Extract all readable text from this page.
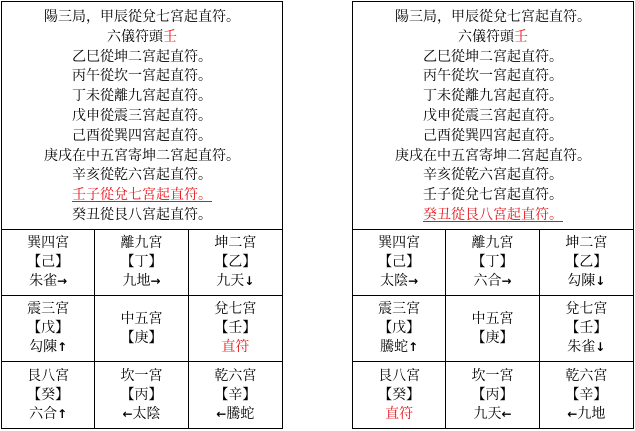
陽三局，甲辰從兌七宮起直符。
六儀符頭壬
乙巳從坤二宮起直符。
丙午從坎一宮起直符。
丁未從離九宮起直符。
戊申從震三宮起直符。
己酉從巽四宮起直符。
庚戌在中五宮寄坤二宮起直符。
辛亥從乾六宮起直符。
壬子從兌七宮起直符。
癸丑從艮八宮起直符。
巽四宮
【己】
朱雀→
離九宮
【丁】
九地→
坤二宮
【乙】
九天↓
震三宮
【戊】
勾陳↑
中五宮
【庚】
兌七宮
【壬】
直符
艮八宮
【癸】
六合↑
坎一宮
【丙】
←太陰
乾六宮
【辛】
←騰蛇
陽三局，甲辰從兌七宮起直符。
六儀符頭壬
乙巳從坤二宮起直符。
丙午從坎一宮起直符。
丁未從離九宮起直符。
戊申從震三宮起直符。
己酉從巽四宮起直符。
庚戌在中五宮寄坤二宮起直符。
辛亥從乾六宮起直符。
壬子從兌七宮起直符。
癸丑從艮八宮起直符。
巽四宮
【己】
太陰→
離九宮
【丁】
六合→
坤二宮
【乙】
勾陳↓
震三宮
【戊】
騰蛇↑
中五宮
【庚】
兌七宮
【壬】
朱雀↓
艮八宮
【癸】
直符
坎一宮
【丙】
九天←
乾六宮
【辛】
←九地
